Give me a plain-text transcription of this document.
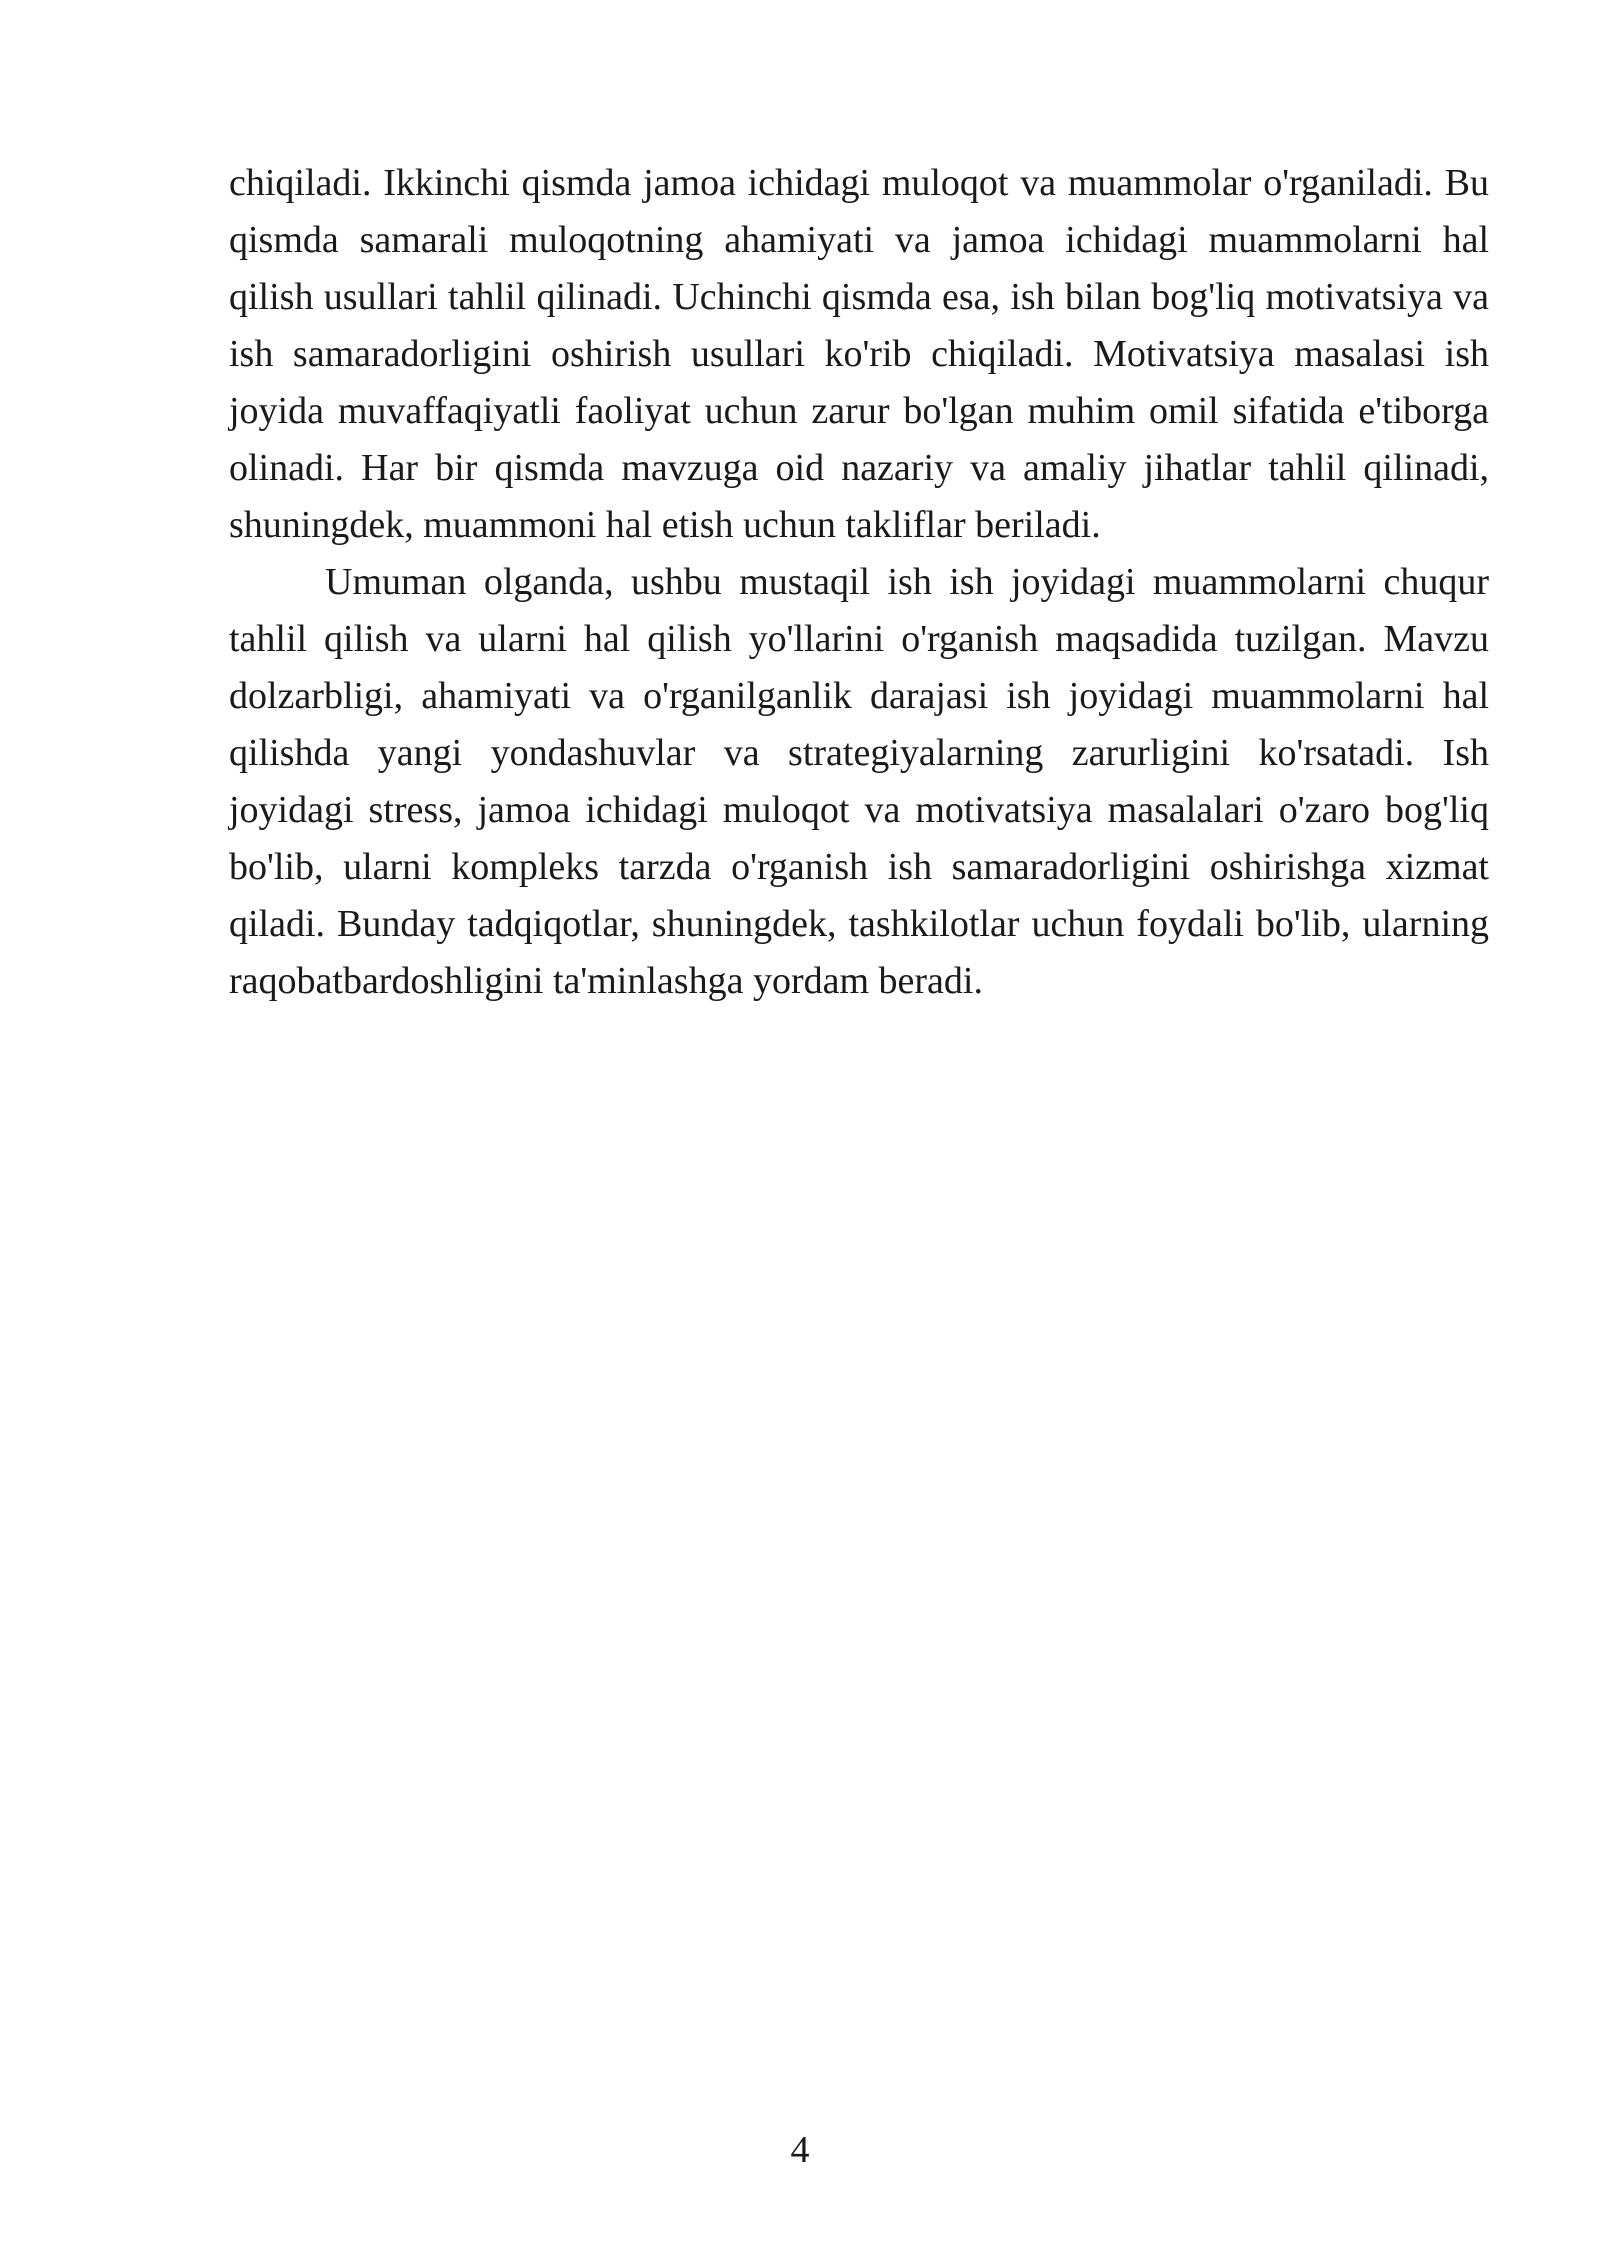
chiqiladi. Ikkinchi qismda jamoa ichidagi muloqot va muammolar o'rganiladi. Bu qismda samarali muloqotning ahamiyati va jamoa ichidagi muammolarni hal qilish usullari tahlil qilinadi. Uchinchi qismda esa, ish bilan bog'liq motivatsiya va ish samaradorligini oshirish usullari ko'rib chiqiladi. Motivatsiya masalasi ish joyida muvaffaqiyatli faoliyat uchun zarur bo'lgan muhim omil sifatida e'tiborga olinadi. Har bir qismda mavzuga oid nazariy va amaliy jihatlar tahlil qilinadi, shuningdek, muammoni hal etish uchun takliflar beriladi.

Umuman olganda, ushbu mustaqil ish ish joyidagi muammolarni chuqur tahlil qilish va ularni hal qilish yo'llarini o'rganish maqsadida tuzilgan. Mavzu dolzarbligi, ahamiyati va o'rganilganlik darajasi ish joyidagi muammolarni hal qilishda yangi yondashuvlar va strategiyalarning zarurligini ko'rsatadi. Ish joyidagi stress, jamoa ichidagi muloqot va motivatsiya masalalari o'zaro bog'liq bo'lib, ularni kompleks tarzda o'rganish ish samaradorligini oshirishga xizmat qiladi. Bunday tadqiqotlar, shuningdek, tashkilotlar uchun foydali bo'lib, ularning raqobatbardoshligini ta'minlashga yordam beradi.

4
